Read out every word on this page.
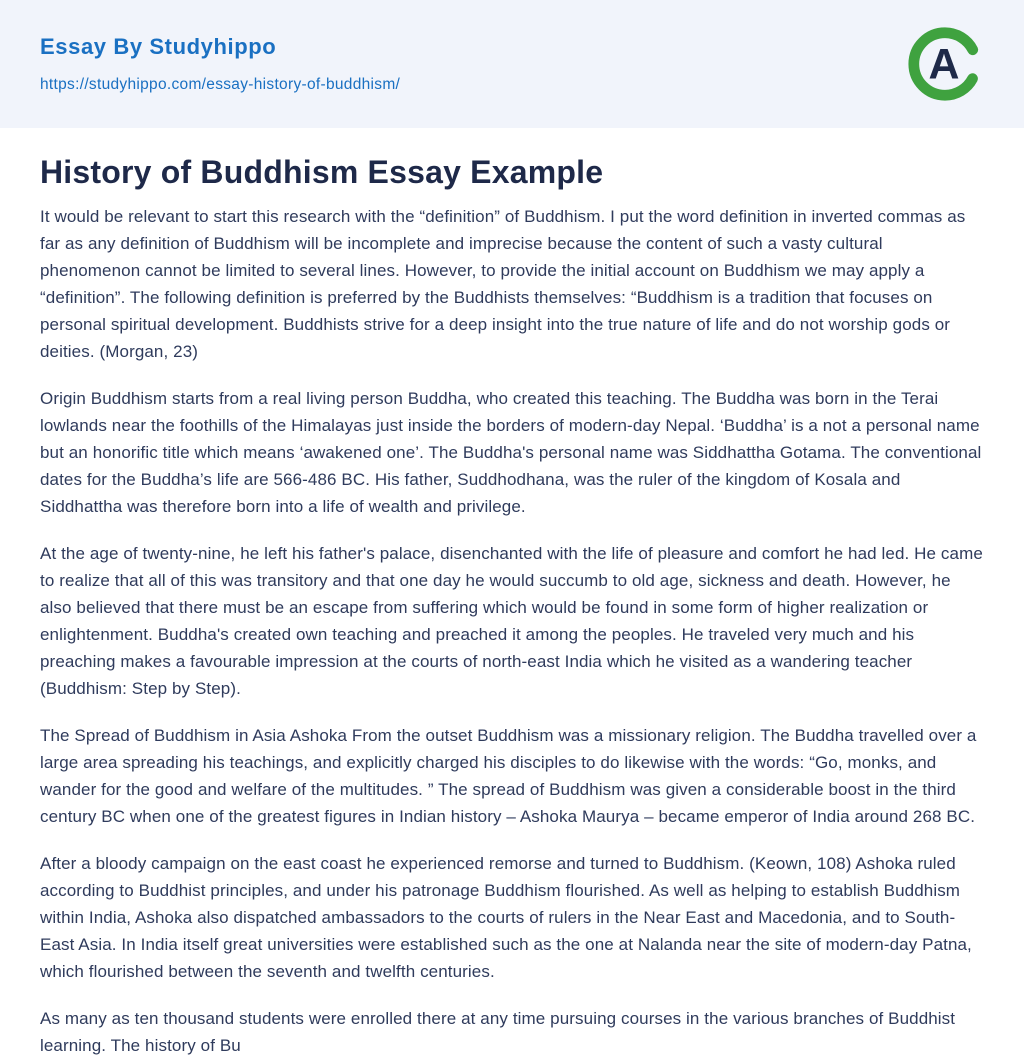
Essay By Studyhippo
https://studyhippo.com/essay-history-of-buddhism/	A
History of Buddhism Essay Example

It would be relevant to start this research with the “definition” of Buddhism. I put the word definition in inverted commas as far as any definition of Buddhism will be incomplete and imprecise because the content of such a vasty cultural phenomenon cannot be limited to several lines. However, to provide the initial account on Buddhism we may apply a “definition”. The following definition is preferred by the Buddhists themselves: “Buddhism is a tradition that focuses on personal spiritual development. Buddhists strive for a deep insight into the true nature of life and do not worship gods or deities. (Morgan, 23)

Origin Buddhism starts from a real living person Buddha, who created this teaching. The Buddha was born in the Terai lowlands near the foothills of the Himalayas just inside the borders of modern-day Nepal. ‘Buddha’ is a not a personal name but an honorific title which means ‘awakened one’. The Buddha's personal name was Siddhattha Gotama. The conventional dates for the Buddha’s life are 566-486 BC. His father, Suddhodhana, was the ruler of the kingdom of Kosala and Siddhattha was therefore born into a life of wealth and privilege.

At the age of twenty-nine, he left his father's palace, disenchanted with the life of pleasure and comfort he had led. He came to realize that all of this was transitory and that one day he would succumb to old age, sickness and death. However, he also believed that there must be an escape from suffering which would be found in some form of higher realization or enlightenment. Buddha's created own teaching and preached it among the peoples. He traveled very much and his preaching makes a favourable impression at the courts of north-east India which he visited as a wandering teacher (Buddhism: Step by Step).

The Spread of Buddhism in Asia Ashoka From the outset Buddhism was a missionary religion. The Buddha travelled over a large area spreading his teachings, and explicitly charged his disciples to do likewise with the words: “Go, monks, and wander for the good and welfare of the multitudes. ” The spread of Buddhism was given a considerable boost in the third century BC when one of the greatest figures in Indian history – Ashoka Maurya – became emperor of India around 268 BC.

After a bloody campaign on the east coast he experienced remorse and turned to Buddhism. (Keown, 108) Ashoka ruled according to Buddhist principles, and under his patronage Buddhism flourished. As well as helping to establish Buddhism within India, Ashoka also dispatched ambassadors to the courts of rulers in the Near East and Macedonia, and to South-East Asia. In India itself great universities were established such as the one at Nalanda near the site of modern-day Patna, which flourished between the seventh and twelfth centuries.

As many as ten thousand students were enrolled there at any time pursuing courses in the various branches of Buddhist learning. The history of Bu
